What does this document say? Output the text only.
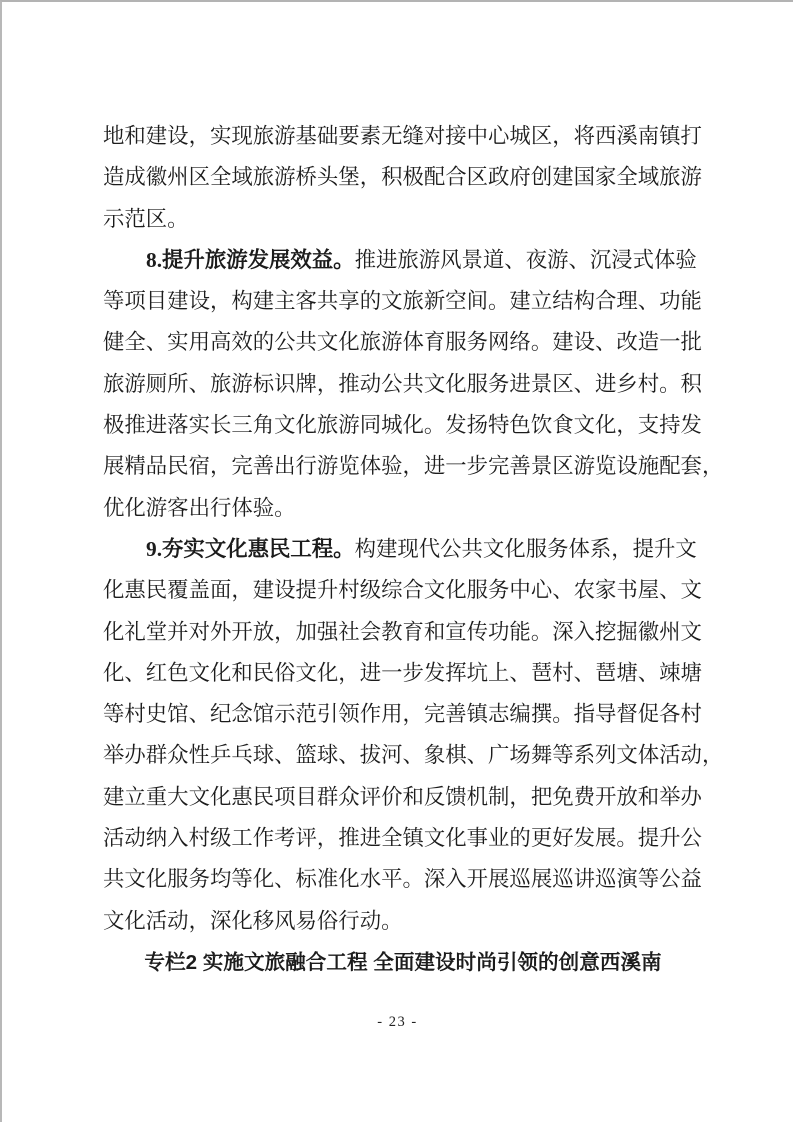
地和建设，实现旅游基础要素无缝对接中心城区，将西溪南镇打
造成徽州区全域旅游桥头堡，积极配合区政府创建国家全域旅游
示范区。
8.提升旅游发展效益。推进旅游风景道、夜游、沉浸式体验
等项目建设，构建主客共享的文旅新空间。建立结构合理、功能
健全、实用高效的公共文化旅游体育服务网络。建设、改造一批
旅游厕所、旅游标识牌，推动公共文化服务进景区、进乡村。积
极推进落实长三角文化旅游同城化。发扬特色饮食文化，支持发
展精品民宿，完善出行游览体验，进一步完善景区游览设施配套，
优化游客出行体验。
9.夯实文化惠民工程。构建现代公共文化服务体系，提升文
化惠民覆盖面，建设提升村级综合文化服务中心、农家书屋、文
化礼堂并对外开放，加强社会教育和宣传功能。深入挖掘徽州文
化、红色文化和民俗文化，进一步发挥坑上、琶村、琶塘、竦塘
等村史馆、纪念馆示范引领作用，完善镇志编撰。指导督促各村
举办群众性乒乓球、篮球、拔河、象棋、广场舞等系列文体活动，
建立重大文化惠民项目群众评价和反馈机制，把免费开放和举办
活动纳入村级工作考评，推进全镇文化事业的更好发展。提升公
共文化服务均等化、标准化水平。深入开展巡展巡讲巡演等公益
文化活动，深化移风易俗行动。
专栏2 实施文旅融合工程 全面建设时尚引领的创意西溪南
- 23 -
